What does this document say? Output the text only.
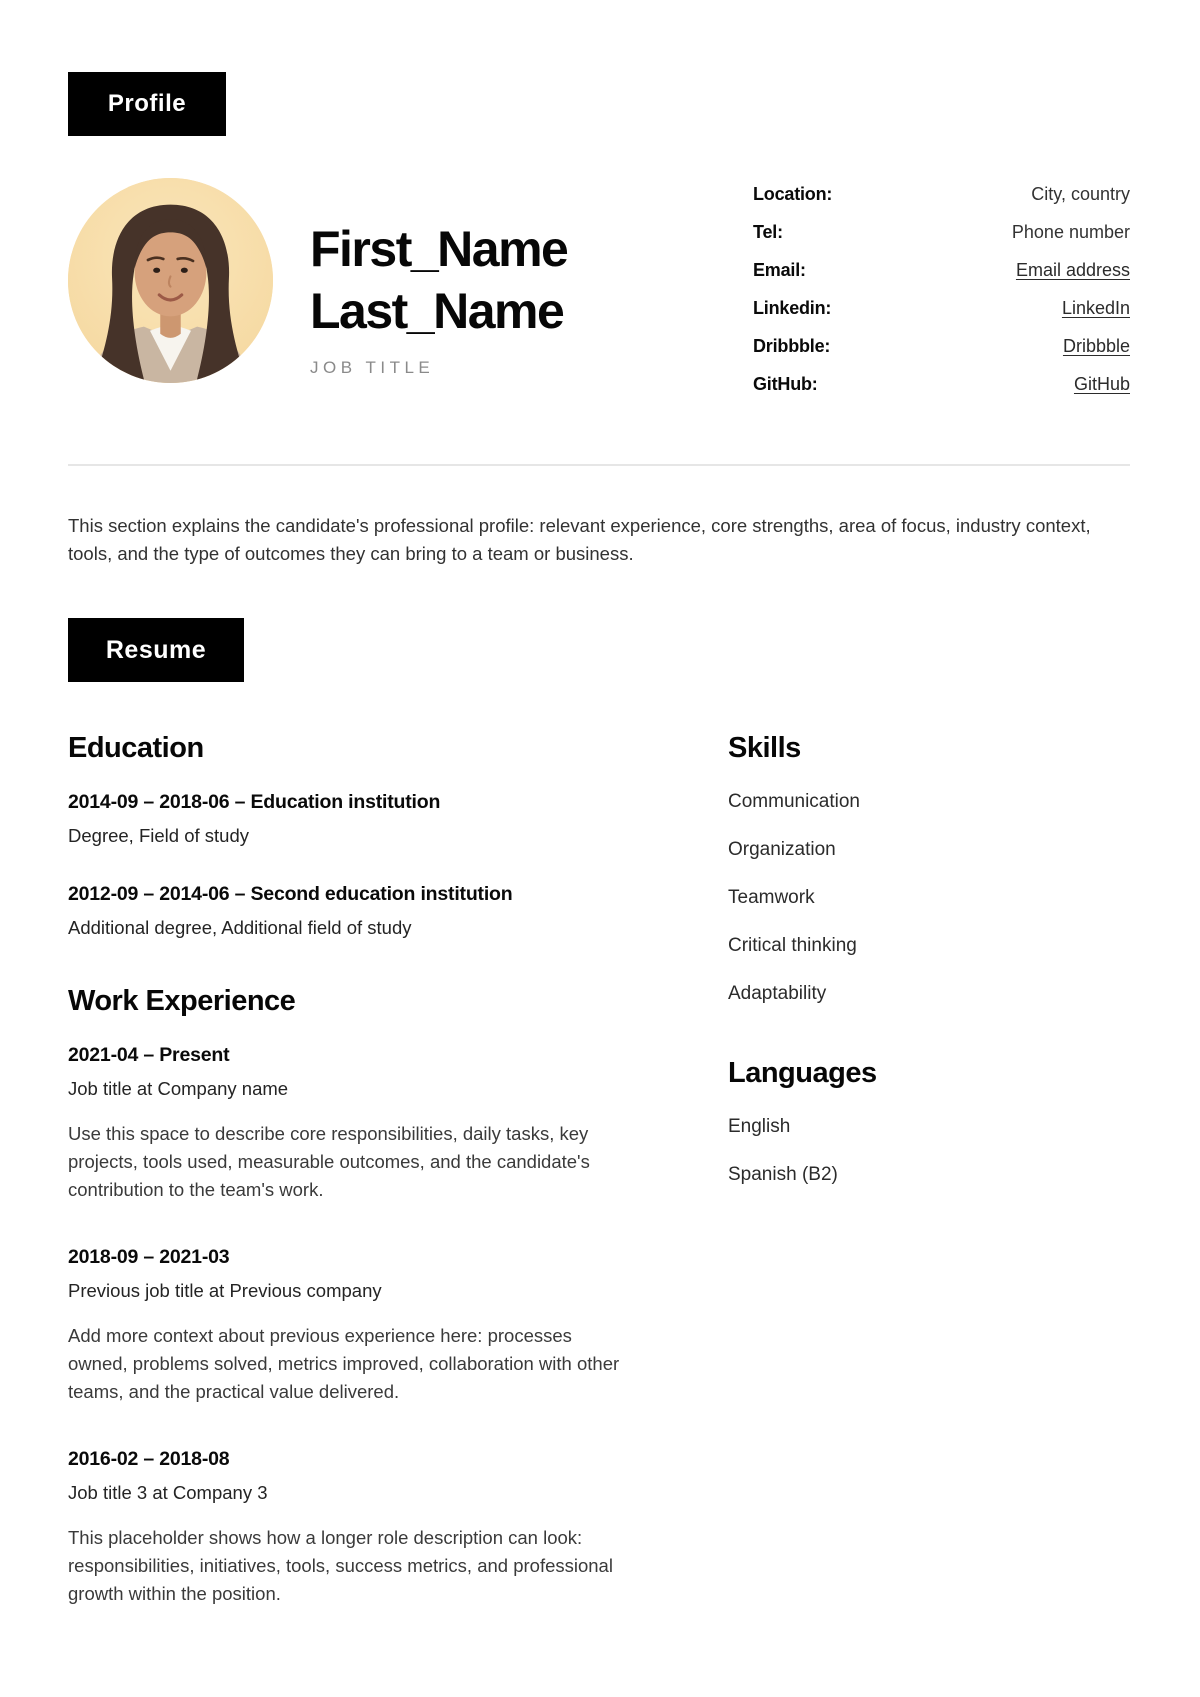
Profile
First_Name
Last_Name
JOB TITLE
Location:	City, country
Tel:	Phone number
Email:	Email address
Linkedin:	LinkedIn
Dribbble:	Dribbble
GitHub:	GitHub

This section explains the candidate's professional profile: relevant experience, core strengths, area of focus, industry context, tools, and the type of outcomes they can bring to a team or business.

Resume
Education
2014-09 – 2018-06 – Education institution
Degree, Field of study
2012-09 – 2014-06 – Second education institution
Additional degree, Additional field of study
Work Experience
2021-04 – Present
Job title at Company name
Use this space to describe core responsibilities, daily tasks, key projects, tools used, measurable outcomes, and the candidate's contribution to the team's work.
2018-09 – 2021-03
Previous job title at Previous company
Add more context about previous experience here: processes owned, problems solved, metrics improved, collaboration with other teams, and the practical value delivered.
2016-02 – 2018-08
Job title 3 at Company 3
This placeholder shows how a longer role description can look: responsibilities, initiatives, tools, success metrics, and professional growth within the position.
Skills
Communication
Organization
Teamwork
Critical thinking
Adaptability
Languages
English
Spanish (B2)
